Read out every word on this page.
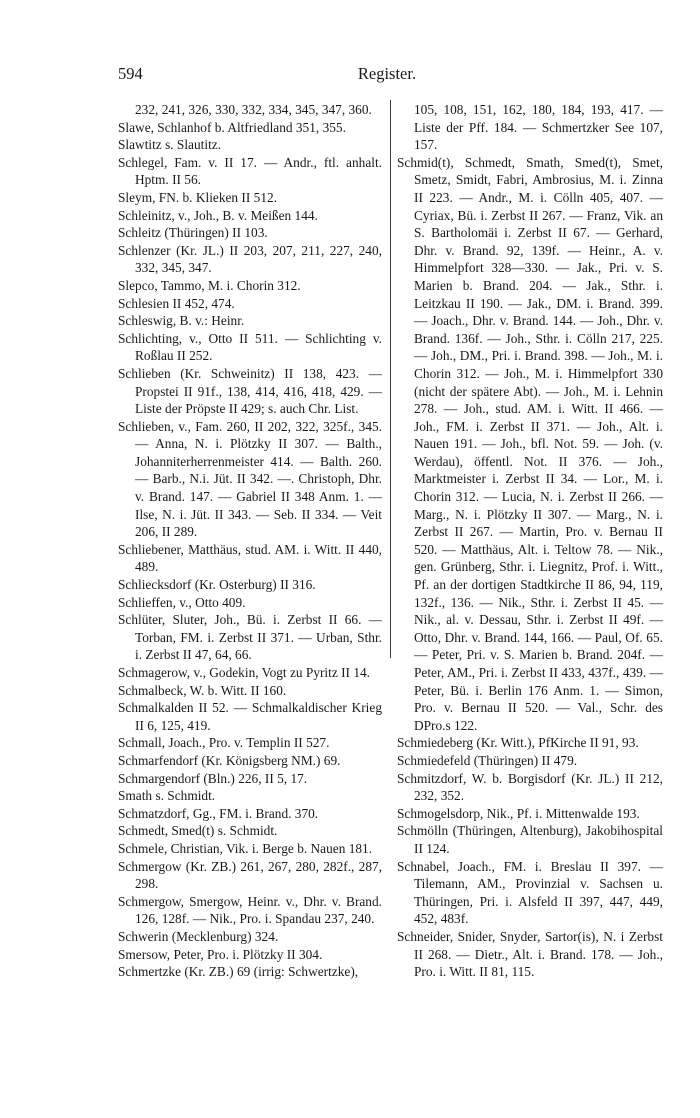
594	Register.

232, 241, 326, 330, 332, 334, 345, 347, 360.

Slawe, Schlanhof b. Altfriedland 351, 355.

Slawtitz s. Slautitz.

Schlegel, Fam. v. II 17. — Andr., ftl. anhalt. Hptm. II 56.

Sleym, FN. b. Klieken II 512.

Schleinitz, v., Joh., B. v. Meißen 144.

Schleitz (Thüringen) II 103.

Schlenzer (Kr. JL.) II 203, 207, 211, 227, 240, 332, 345, 347.

Slepco, Tammo, M. i. Chorin 312.

Schlesien II 452, 474.

Schleswig, B. v.: Heinr.

Schlichting, v., Otto II 511. — Schlichting v. Roßlau II 252.

Schlieben (Kr. Schweinitz) II 138, 423. — Propstei II 91f., 138, 414, 416, 418, 429. — Liste der Pröpste II 429; s. auch Chr. List.

Schlieben, v., Fam. 260, II 202, 322, 325f., 345. — Anna, N. i. Plötzky II 307. — Balth., Johanniterherrenmeister 414. — Balth. 260. — Barb., N.i. Jüt. II 342. —. Christoph, Dhr. v. Brand. 147. — Gabriel II 348 Anm. 1. — Ilse, N. i. Jüt. II 343. — Seb. II 334. — Veit 206, II 289.

Schliebener, Matthäus, stud. AM. i. Witt. II 440, 489.

Schliecksdorf (Kr. Osterburg) II 316.

Schlieffen, v., Otto 409.

Schlüter, Sluter, Joh., Bü. i. Zerbst II 66. — Torban, FM. i. Zerbst II 371. — Urban, Sthr. i. Zerbst II 47, 64, 66.

Schmagerow, v., Godekin, Vogt zu Pyritz II 14.

Schmalbeck, W. b. Witt. II 160.

Schmalkalden II 52. — Schmalkaldischer Krieg II 6, 125, 419.

Schmall, Joach., Pro. v. Templin II 527.

Schmarfendorf (Kr. Königsberg NM.) 69.

Schmargendorf (Bln.) 226, II 5, 17.

Smath s. Schmidt.

Schmatzdorf, Gg., FM. i. Brand. 370.

Schmedt, Smed(t) s. Schmidt.

Schmele, Christian, Vik. i. Berge b. Nauen 181.

Schmergow (Kr. ZB.) 261, 267, 280, 282f., 287, 298.

Schmergow, Smergow, Heinr. v., Dhr. v. Brand. 126, 128f. — Nik., Pro. i. Spandau 237, 240.

Schwerin (Mecklenburg) 324.

Smersow, Peter, Pro. i. Plötzky II 304.

Schmertzke (Kr. ZB.) 69 (irrig: Schwertzke),

105, 108, 151, 162, 180, 184, 193, 417. — Liste der Pff. 184. — Schmertzker See 107, 157.

Schmid(t), Schmedt, Smath, Smed(t), Smet, Smetz, Smidt, Fabri, Ambrosius, M. i. Zinna II 223. — Andr., M. i. Cölln 405, 407. — Cyriax, Bü. i. Zerbst II 267. — Franz, Vik. an S. Bartholomäi i. Zerbst II 67. — Gerhard, Dhr. v. Brand. 92, 139f. — Heinr., A. v. Himmelpfort 328—330. — Jak., Pri. v. S. Marien b. Brand. 204. — Jak., Sthr. i. Leitzkau II 190. — Jak., DM. i. Brand. 399. — Joach., Dhr. v. Brand. 144. — Joh., Dhr. v. Brand. 136f. — Joh., Sthr. i. Cölln 217, 225. — Joh., DM., Pri. i. Brand. 398. — Joh., M. i. Chorin 312. — Joh., M. i. Himmelpfort 330 (nicht der spätere Abt). — Joh., M. i. Lehnin 278. — Joh., stud. AM. i. Witt. II 466. — Joh., FM. i. Zerbst II 371. — Joh., Alt. i. Nauen 191. — Joh., bfl. Not. 59. — Joh. (v. Werdau), öffentl. Not. II 376. — Joh., Marktmeister i. Zerbst II 34. — Lor., M. i. Chorin 312. — Lucia, N. i. Zerbst II 266. — Marg., N. i. Plötzky II 307. — Marg., N. i. Zerbst II 267. — Martin, Pro. v. Bernau II 520. — Matthäus, Alt. i. Teltow 78. — Nik., gen. Grünberg, Sthr. i. Liegnitz, Prof. i. Witt., Pf. an der dortigen Stadtkirche II 86, 94, 119, 132f., 136. — Nik., Sthr. i. Zerbst II 45. — Nik., al. v. Dessau, Sthr. i. Zerbst II 49f. — Otto, Dhr. v. Brand. 144, 166. — Paul, Of. 65. — Peter, Pri. v. S. Marien b. Brand. 204f. — Peter, AM., Pri. i. Zerbst II 433, 437f., 439. — Peter, Bü. i. Berlin 176 Anm. 1. — Simon, Pro. v. Bernau II 520. — Val., Schr. des DPro.s 122.

Schmiedeberg (Kr. Witt.), PfKirche II 91, 93.

Schmiedefeld (Thüringen) II 479.

Schmitzdorf, W. b. Borgisdorf (Kr. JL.) II 212, 232, 352.

Schmogelsdorp, Nik., Pf. i. Mittenwalde 193.

Schmölln (Thüringen, Altenburg), Jakobihospital II 124.

Schnabel, Joach., FM. i. Breslau II 397. — Tilemann, AM., Provinzial v. Sachsen u. Thüringen, Pri. i. Alsfeld II 397, 447, 449, 452, 483f.

Schneider, Snider, Snyder, Sartor(is), N. i Zerbst II 268. — Dietr., Alt. i. Brand. 178. — Joh., Pro. i. Witt. II 81, 115.
